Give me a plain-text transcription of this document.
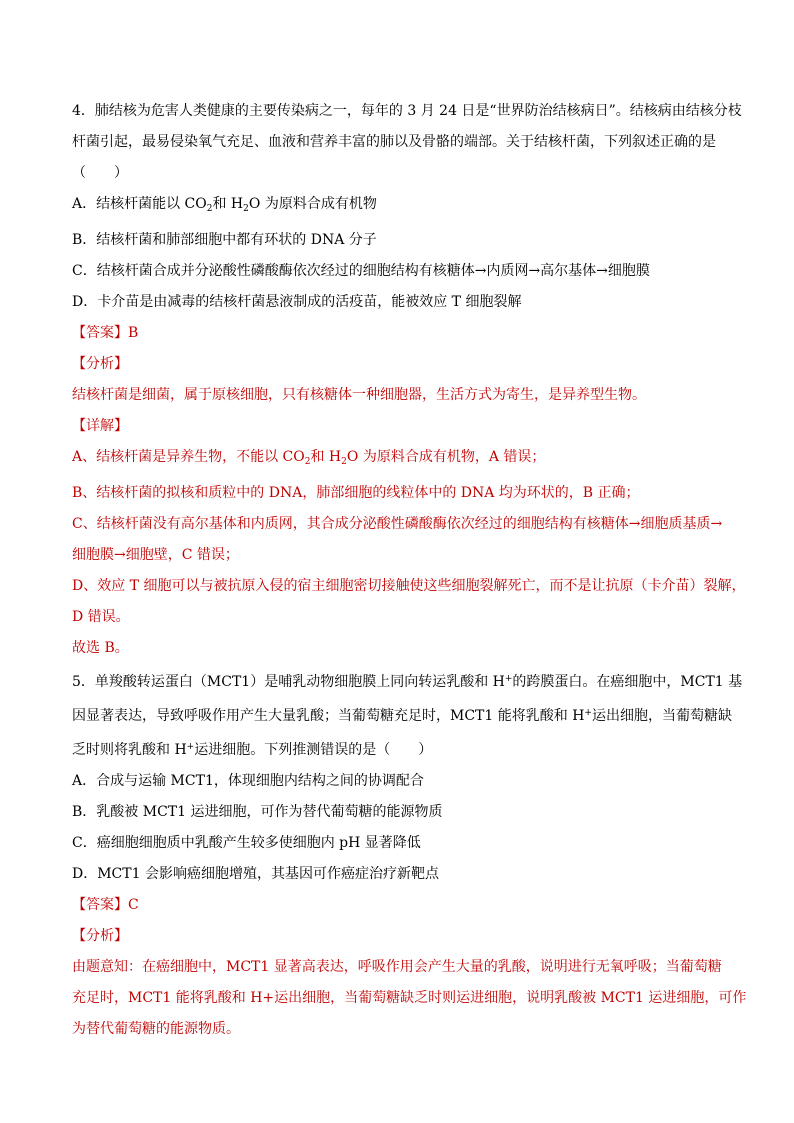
4．肺结核为危害人类健康的主要传染病之一，每年的 3 月 24 日是“世界防治结核病日”。结核病由结核分枝
杆菌引起，最易侵染氧气充足、血液和营养丰富的肺以及骨骼的端部。关于结核杆菌，下列叙述正确的是
（　　）
A．结核杆菌能以 $CO_2$和 $H_2O$ 为原料合成有机物
B．结核杆菌和肺部细胞中都有环状的 DNA 分子
C．结核杆菌合成并分泌酸性磷酸酶依次经过的细胞结构有核糖体→内质网→高尔基体→细胞膜
D．卡介苗是由减毒的结核杆菌悬液制成的活疫苗，能被效应 T 细胞裂解
【答案】B
【分析】
结核杆菌是细菌，属于原核细胞，只有核糖体一种细胞器，生活方式为寄生，是异养型生物。
【详解】
A、结核杆菌是异养生物，不能以 $CO_2$和 $H_2O$ 为原料合成有机物，A 错误；
B、结核杆菌的拟核和质粒中的 DNA，肺部细胞的线粒体中的 DNA 均为环状的，B 正确；
C、结核杆菌没有高尔基体和内质网，其合成分泌酸性磷酸酶依次经过的细胞结构有核糖体→细胞质基质→
细胞膜→细胞壁，C 错误；
D、效应 T 细胞可以与被抗原入侵的宿主细胞密切接触使这些细胞裂解死亡，而不是让抗原（卡介苗）裂解，
D 错误。
故选 B。
5．单羧酸转运蛋白（MCT1）是哺乳动物细胞膜上同向转运乳酸和 H+的跨膜蛋白。在癌细胞中，MCT1 基
因显著表达，导致呼吸作用产生大量乳酸；当葡萄糖充足时，MCT1 能将乳酸和 H+运出细胞，当葡萄糖缺
乏时则将乳酸和 H+运进细胞。下列推测错误的是（　　）
A．合成与运输 MCT1，体现细胞内结构之间的协调配合
B．乳酸被 MCT1 运进细胞，可作为替代葡萄糖的能源物质
C．癌细胞细胞质中乳酸产生较多使细胞内 pH 显著降低
D．MCT1 会影响癌细胞增殖，其基因可作癌症治疗新靶点
【答案】C
【分析】
由题意知：在癌细胞中，MCT1 显著高表达，呼吸作用会产生大量的乳酸，说明进行无氧呼吸；当葡萄糖
充足时，MCT1 能将乳酸和 H+运出细胞，当葡萄糖缺乏时则运进细胞，说明乳酸被 MCT1 运进细胞，可作
为替代葡萄糖的能源物质。
